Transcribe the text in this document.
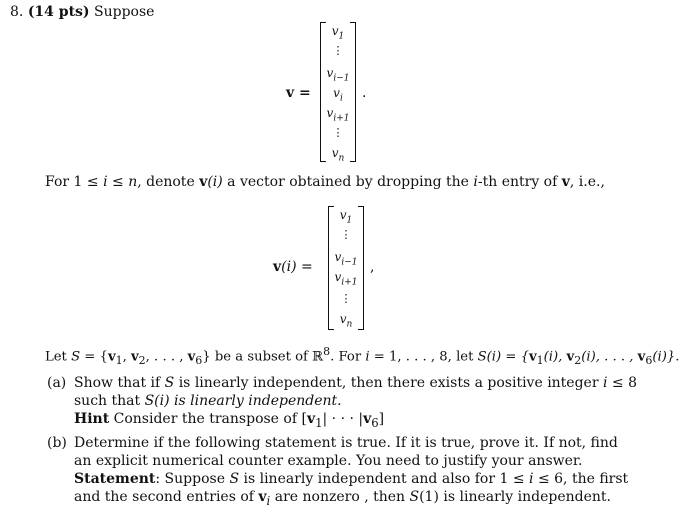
8. (14 pts) Suppose
v =
$v_1$
⋮
$v_{i-1}$
$v_i$
$v_{i+1}$
⋮
$v_n$
.
For 1 ≤ i ≤ n, denote v(i) a vector obtained by dropping the i-th entry of v, i.e.,
v(i) =
$v_1$
⋮
$v_{i-1}$
$v_{i+1}$
⋮
$v_n$
,
Let $S = \{v_1$, $v_2$, . . . , $v_6$} be a subset of ℝ$^8$. For i = 1, . . . , 8, let $S(i) = \{v_1(i)$, $v_2(i)$, . . . , $v_6(i)$}.
(a) Show that if S is linearly independent, then there exists a positive integer i ≤ 8
such that S(i) is linearly independent.
Hint Consider the transpose of [$v_1|$ · · · $|v_6$]
(b) Determine if the following statement is true. If it is true, prove it. If not, find
an explicit numerical counter example. You need to justify your answer.
Statement: Suppose S is linearly independent and also for 1 ≤ i ≤ 6, the first
and the second entries of $v_i$ are nonzero , then S(1) is linearly independent.
